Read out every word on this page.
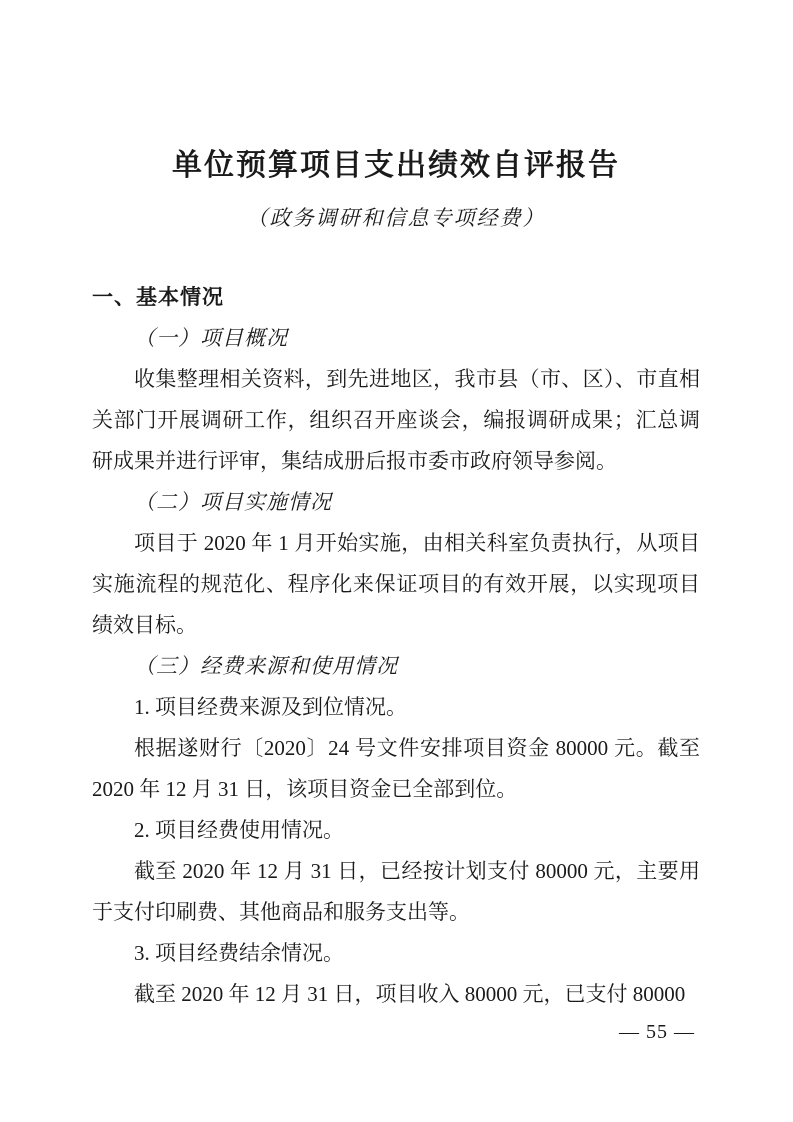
单位预算项目支出绩效自评报告
（政务调研和信息专项经费）

一、基本情况

（一）项目概况

收集整理相关资料，到先进地区，我市县（市、区）、市直相关部门开展调研工作，组织召开座谈会，编报调研成果；汇总调研成果并进行评审，集结成册后报市委市政府领导参阅。

（二）项目实施情况

项目于 2020 年 1 月开始实施，由相关科室负责执行，从项目实施流程的规范化、程序化来保证项目的有效开展，以实现项目绩效目标。

（三）经费来源和使用情况

1. 项目经费来源及到位情况。

根据遂财行〔2020〕24 号文件安排项目资金 80000 元。截至 2020 年 12 月 31 日，该项目资金已全部到位。

2. 项目经费使用情况。

截至 2020 年 12 月 31 日，已经按计划支付 80000 元，主要用于支付印刷费、其他商品和服务支出等。

3. 项目经费结余情况。

截至 2020 年 12 月 31 日，项目收入 80000 元，已支付 80000

— 55 —
